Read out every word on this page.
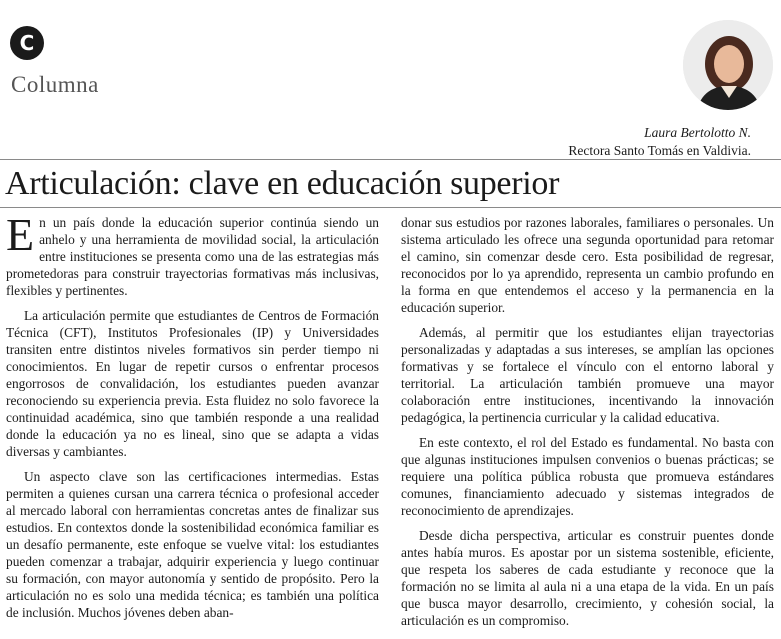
C
Columna
Laura Bertolotto N.
Rectora Santo Tomás en Valdivia.
Articulación: clave en educación superior

En un país donde la educación superior continúa siendo un anhelo y una herramienta de movilidad social, la articulación entre instituciones se presenta como una de las estrategias más prometedoras para construir trayectorias formativas más inclusivas, flexibles y pertinentes.

La articulación permite que estudiantes de Centros de Formación Técnica (CFT), Institutos Profesionales (IP) y Universidades transiten entre distintos niveles formativos sin perder tiempo ni conocimientos. En lugar de repetir cursos o enfrentar procesos engorrosos de convalidación, los estudiantes pueden avanzar reconociendo su experiencia previa. Esta fluidez no solo favorece la continuidad académica, sino que también responde a una realidad donde la educación ya no es lineal, sino que se adapta a vidas diversas y cambiantes.

Un aspecto clave son las certificaciones intermedias. Estas permiten a quienes cursan una carrera técnica o profesional acceder al mercado laboral con herramientas concretas antes de finalizar sus estudios. En contextos donde la sostenibilidad económica familiar es un desafío permanente, este enfoque se vuelve vital: los estudiantes pueden comenzar a trabajar, adquirir experiencia y luego continuar su formación, con mayor autonomía y sentido de propósito. Pero la articulación no es solo una medida técnica; es también una política de inclusión. Muchos jóvenes deben aban-

donar sus estudios por razones laborales, familiares o personales. Un sistema articulado les ofrece una segunda oportunidad para retomar el camino, sin comenzar desde cero. Esta posibilidad de regresar, reconocidos por lo ya aprendido, representa un cambio profundo en la forma en que entendemos el acceso y la permanencia en la educación superior.

Además, al permitir que los estudiantes elijan trayectorias personalizadas y adaptadas a sus intereses, se amplían las opciones formativas y se fortalece el vínculo con el entorno laboral y territorial. La articulación también promueve una mayor colaboración entre instituciones, incentivando la innovación pedagógica, la pertinencia curricular y la calidad educativa.

En este contexto, el rol del Estado es fundamental. No basta con que algunas instituciones impulsen convenios o buenas prácticas; se requiere una política pública robusta que promueva estándares comunes, financiamiento adecuado y sistemas integrados de reconocimiento de aprendizajes.

Desde dicha perspectiva, articular es construir puentes donde antes había muros. Es apostar por un sistema sostenible, eficiente, que respeta los saberes de cada estudiante y reconoce que la formación no se limita al aula ni a una etapa de la vida. En un país que busca mayor desarrollo, crecimiento, y cohesión social, la articulación es un compromiso.
